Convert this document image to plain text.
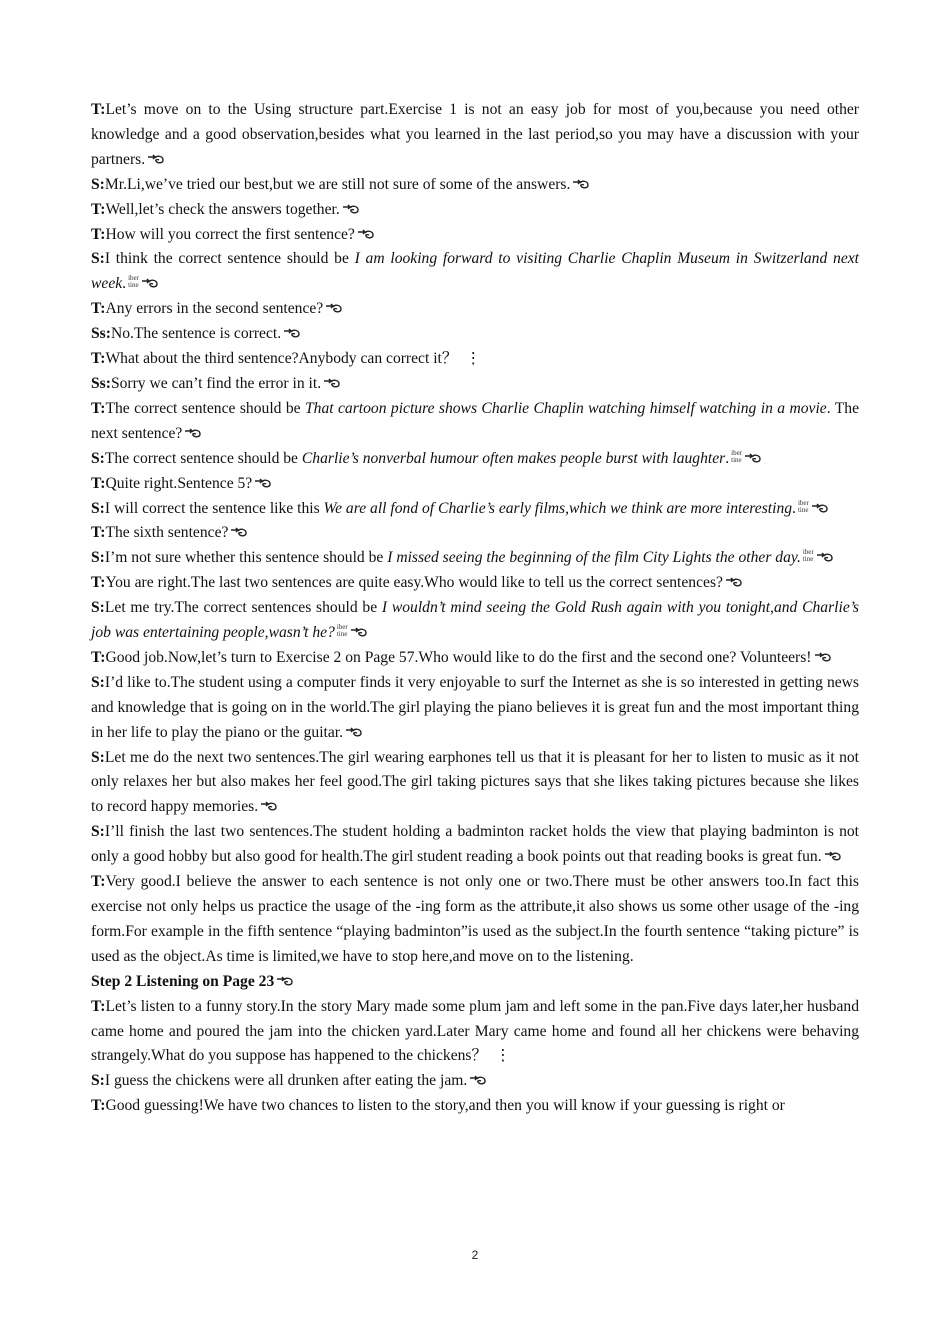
T:Let’s move on to the Using structure part.Exercise 1 is not an easy job for most of you,because you need other knowledge and a good observation,besides what you learned in the last period,so you may have a discussion with your partners.

S:Mr.Li,we’ve tried our best,but we are still not sure of some of the answers.

T:Well,let’s check the answers together.

T:How will you correct the first sentence?

S:I think the correct sentence should be I am looking forward to visiting Charlie Chaplin Museum in Switzerland next week. iber
tine

T:Any errors in the second sentence?

Ss:No.The sentence is correct.

T:What about the third sentence?Anybody can correct it？ ⋮

Ss:Sorry we can’t find the error in it.

T:The correct sentence should be That cartoon picture shows Charlie Chaplin watching himself watching in a movie. The next sentence?

S:The correct sentence should be Charlie’s nonverbal humour often makes people burst with laughter. iber
tine

T:Quite right.Sentence 5?

S:I will correct the sentence like this We are all fond of Charlie’s early films,which we think are more interesting. iber
tine

T:The sixth sentence?

S:I’m not sure whether this sentence should be I missed seeing the beginning of the film City Lights the other day. iber
tine

T:You are right.The last two sentences are quite easy.Who would like to tell us the correct sentences?

S:Let me try.The correct sentences should be I wouldn’t mind seeing the Gold Rush again with you tonight,and Charlie’s job was entertaining people,wasn’t he? iber
tine

T:Good job.Now,let’s turn to Exercise 2 on Page 57.Who would like to do the first and the second one? Volunteers!

S:I’d like to.The student using a computer finds it very enjoyable to surf the Internet as she is so interested in getting news and knowledge that is going on in the world.The girl playing the piano believes it is great fun and the most important thing in her life to play the piano or the guitar.

S:Let me do the next two sentences.The girl wearing earphones tell us that it is pleasant for her to listen to music as it not only relaxes her but also makes her feel good.The girl taking pictures says that she likes taking pictures because she likes to record happy memories.

S:I’ll finish the last two sentences.The student holding a badminton racket holds the view that playing badminton is not only a good hobby but also good for health.The girl student reading a book points out that reading books is great fun.

T:Very good.I believe the answer to each sentence is not only one or two.There must be other answers too.In fact this exercise not only helps us practice the usage of the -ing form as the attribute,it also shows us some other usage of the -ing form.For example in the fifth sentence “playing badminton”is used as the subject.In the fourth sentence “taking picture” is used as the object.As time is limited,we have to stop here,and move on to the listening.

Step 2 Listening on Page 23

T:Let’s listen to a funny story.In the story Mary made some plum jam and left some in the pan.Five days later,her husband came home and poured the jam into the chicken yard.Later Mary came home and found all her chickens were behaving strangely.What do you suppose has happened to the chickens？ ⋮

S:I guess the chickens were all drunken after eating the jam.

T:Good guessing!We have two chances to listen to the story,and then you will know if your guessing is right or

2
